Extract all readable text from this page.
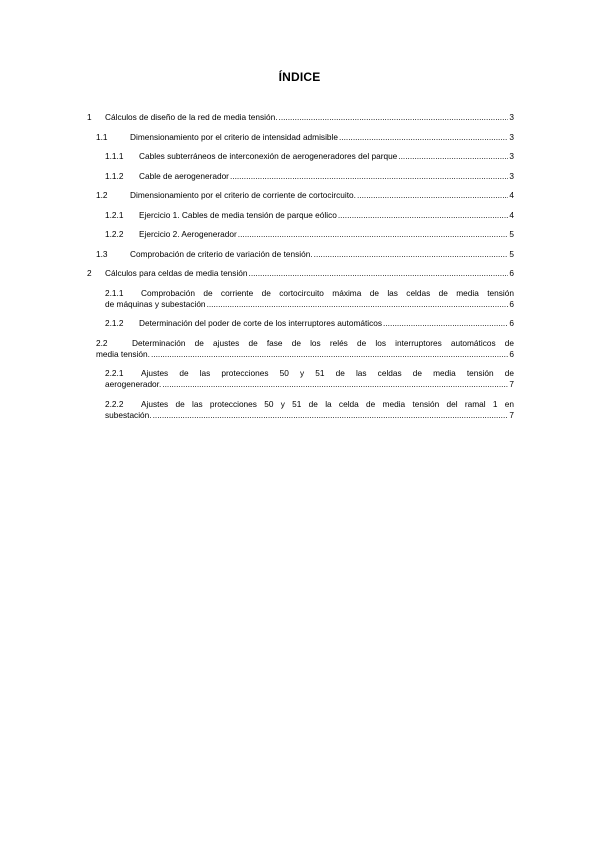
ÍNDICE
1	Cálculos de diseño de la red de media tensión. .....	3
1.1	Dimensionamiento por el criterio de intensidad admisible .....	3
1.1.1	Cables subterráneos de interconexión de aerogeneradores del parque .....	3
1.1.2	Cable de aerogenerador .....	3
1.2	Dimensionamiento por el criterio de corriente de cortocircuito. .....	4
1.2.1	Ejercicio 1. Cables de media tensión de parque eólico .....	4
1.2.2	Ejercicio 2. Aerogenerador .....	5
1.3	Comprobación de criterio de variación de tensión. .....	5
2	Cálculos para celdas de media tensión .....	6
2.1.1 Comprobación de corriente de cortocircuito máxima de las celdas de media tensión
de máquinas y subestación .....	6
2.1.2	Determinación del poder de corte de los interruptores automáticos .....	6
2.2	Determinación de ajustes de fase de los relés de los interruptores automáticos de
media tensión. .....	6
2.2.1 Ajustes de las protecciones 50 y 51 de las celdas de media tensión de
aerogenerador. .....	7
2.2.2 Ajustes de las protecciones 50 y 51 de la celda de media tensión del ramal 1 en
subestación. .....	7
